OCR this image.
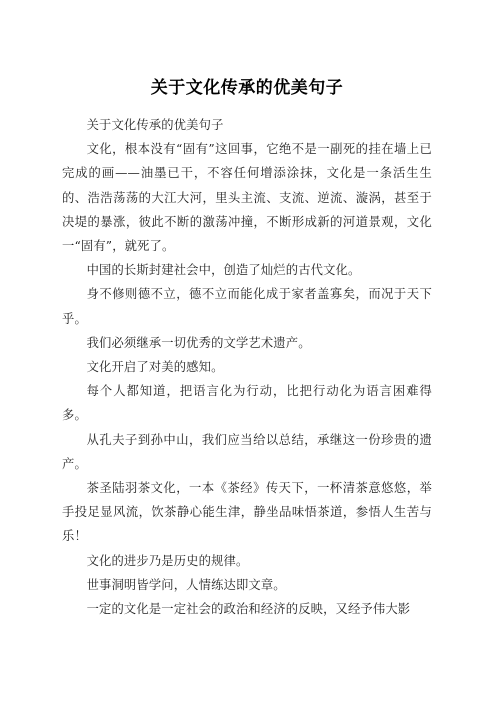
关于文化传承的优美句子

关于文化传承的优美句子

文化，根本没有“固有”这回事，它绝不是一副死的挂在墙上已完成的画——油墨已干，不容任何增添涂抹，文化是一条活生生的、浩浩荡荡的大江大河，里头主流、支流、逆流、漩涡，甚至于决堤的暴涨，彼此不断的激荡冲撞，不断形成新的河道景观，文化一“固有”，就死了。

中国的长斯封建社会中，创造了灿烂的古代文化。

身不修则德不立，德不立而能化成于家者盖寡矣，而况于天下乎。

我们必须继承一切优秀的文学艺术遗产。

文化开启了对美的感知。

每个人都知道，把语言化为行动，比把行动化为语言困难得多。

从孔夫子到孙中山，我们应当给以总结，承继这一份珍贵的遗产。

茶圣陆羽茶文化，一本《茶经》传天下，一杯清茶意悠悠，举手投足显风流，饮茶静心能生津，静坐品味悟茶道，参悟人生苦与乐！

文化的进步乃是历史的规律。

世事洞明皆学问，人情练达即文章。

一定的文化是一定社会的政治和经济的反映，又经予伟大影
